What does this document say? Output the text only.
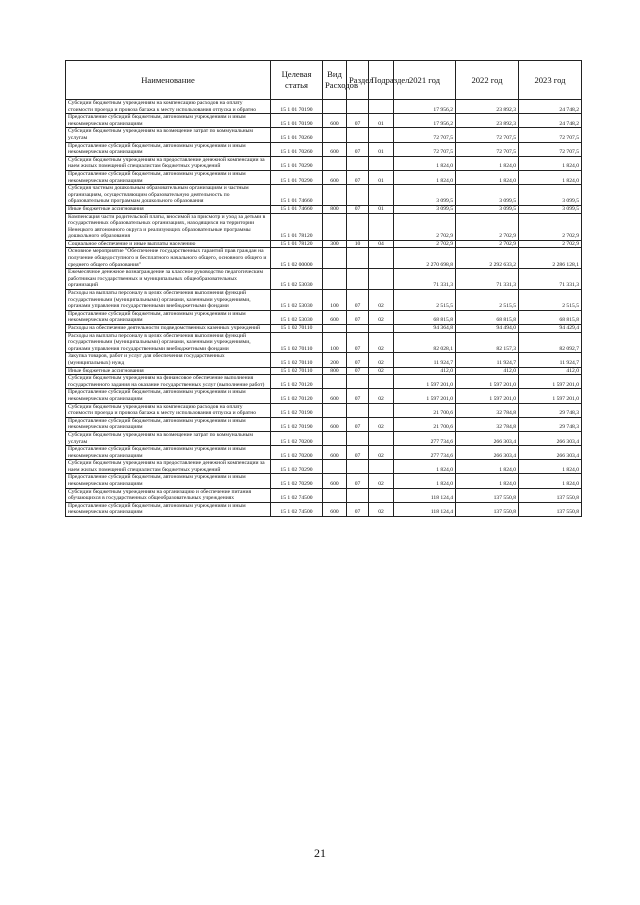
Наименование	Целевая статья	Вид Расходов	Раздел	Подраздел	2021 год	2022 год	2023 год
Субсидии бюджетным учреждениям на компенсацию расходов на оплату стоимости проезда и провоза багажа к месту использования отпуска и обратно	15 1 01 70190				17 956,2	23 892,3	24 748,2
Предоставление субсидий бюджетным, автономным учреждениям и иным некоммерческим организациям	15 1 01 70190	600	07	01	17 956,2	23 892,3	24 748,2
Субсидии бюджетным учреждениям на возмещение затрат по коммунальным услугам	15 1 01 70260				72 707,5	72 707,5	72 707,5
Предоставление субсидий бюджетным, автономным учреждениям и иным некоммерческим организациям	15 1 01 70260	600	07	01	72 707,5	72 707,5	72 707,5
Субсидии бюджетным учреждениям на предоставление денежной компенсации за наем жилых помещений специалистам бюджетных учреждений	15 1 01 70290				1 824,0	1 824,0	1 824,0
Предоставление субсидий бюджетным, автономным учреждениям и иным некоммерческим организациям	15 1 01 70290	600	07	01	1 824,0	1 824,0	1 824,0
Субсидия частным дошкольным образовательным организациям и частным организациям, осуществляющим образовательную деятельность по образовательным программам дошкольного образования	15 1 01 74660				3 099,5	3 099,5	3 099,5
Иные бюджетные ассигнования	15 1 01 74660	800	07	01	3 099,5	3 099,5	3 099,5
Компенсация части родительской платы, вносимой за присмотр и уход за детьми в государственных образовательных организациях, находящихся на территории Ненецкого автономного округа и реализующих образовательные программы дошкольного образования	15 1 01 78120				2 702,9	2 702,9	2 702,9
Социальное обеспечение и иные выплаты населению	15 1 01 78120	300	10	04	2 702,9	2 702,9	2 702,9
Основное мероприятие "Обеспечение государственных гарантий прав граждан на получение общедоступного и бесплатного начального общего, основного общего и среднего общего образования"	15 1 02 00000				2 270 698,8	2 292 633,2	2 286 128,1
Ежемесячное денежное вознаграждение за классное руководство педагогическим работникам государственных и муниципальных общеобразовательных организаций	15 1 02 53030				71 331,3	71 331,3	71 331,3
Расходы на выплаты персоналу в целях обеспечения выполнения функций государственными (муниципальными) органами, казенными учреждениями, органами управления государственными внебюджетными фондами	15 1 02 53030	100	07	02	2 515,5	2 515,5	2 515,5
Предоставление субсидий бюджетным, автономным учреждениям и иным некоммерческим организациям	15 1 02 53030	600	07	02	68 815,8	68 815,8	68 815,8
Расходы на обеспечение деятельности подведомственных казенных учреждений	15 1 02 70110				94 364,8	94 494,0	94 429,4
Расходы на выплаты персоналу в целях обеспечения выполнения функций государственными (муниципальными) органами, казенными учреждениями, органами управления государственными внебюджетными фондами	15 1 02 70110	100	07	02	82 028,1	82 157,3	82 092,7
Закупка товаров, работ и услуг для обеспечения государственных (муниципальных) нужд	15 1 02 70110	200	07	02	11 924,7	11 924,7	11 924,7
Иные бюджетные ассигнования	15 1 02 70110	800	07	02	412,0	412,0	412,0
Субсидии бюджетным учреждениям на финансовое обеспечение выполнения государственного задания на оказание государственных услуг (выполнение работ)	15 1 02 70120				1 597 201,0	1 597 201,0	1 597 201,0
Предоставление субсидий бюджетным, автономным учреждениям и иным некоммерческим организациям	15 1 02 70120	600	07	02	1 597 201,0	1 597 201,0	1 597 201,0
Субсидии бюджетным учреждениям на компенсацию расходов на оплату стоимости проезда и провоза багажа к месту использования отпуска и обратно	15 1 02 70190				21 700,6	32 784,8	29 748,3
Предоставление субсидий бюджетным, автономным учреждениям и иным некоммерческим организациям	15 1 02 70190	600	07	02	21 700,6	32 784,8	29 748,3
Субсидии бюджетным учреждениям на возмещение затрат по коммунальным услугам	15 1 02 70200				277 734,6	266 303,4	266 303,4
Предоставление субсидий бюджетным, автономным учреждениям и иным некоммерческим организациям	15 1 02 70200	600	07	02	277 734,6	266 303,4	266 303,4
Субсидии бюджетным учреждениям на предоставление денежной компенсации за наем жилых помещений специалистам бюджетных учреждений	15 1 02 70290				1 824,0	1 824,0	1 824,0
Предоставление субсидий бюджетным, автономным учреждениям и иным некоммерческим организациям	15 1 02 70290	600	07	02	1 824,0	1 824,0	1 824,0
Субсидии бюджетным учреждениям на организацию и обеспечение питания обучающихся в государственных общеобразовательных учреждениях	15 1 02 74500				118 124,4	137 550,8	137 550,8
Предоставление субсидий бюджетным, автономным учреждениям и иным некоммерческим организациям	15 1 02 74500	600	07	02	118 124,4	137 550,8	137 550,8
21
